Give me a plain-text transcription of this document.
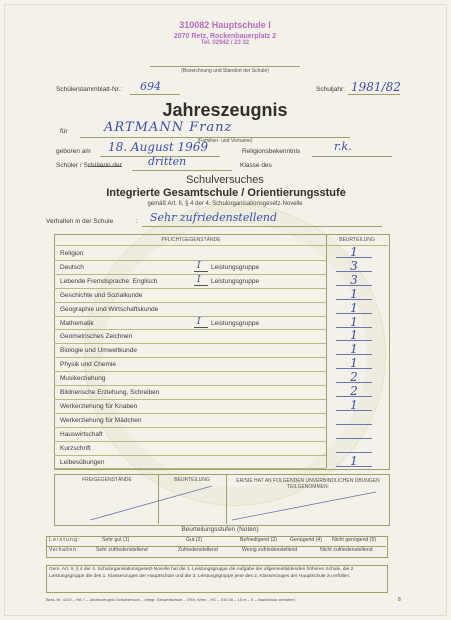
310082 Hauptschule I
2070 Retz, Rockenbauerplatz 2
Tel. 02942 / 23 32
(Bezeichnung und Standort der Schule)
Schülerstammblatt-Nr.: 694	Schuljahr: 1981/82
Jahreszeugnis
für	ARTMANN Franz
(Familien- und Vorname)
geboren am 18. August 1969	Religionsbekenntnis	r.k.
Schüler / Schülerin der dritten	Klasse des
Schulversuches
Integrierte Gesamtschule / Orientierungsstufe
gemäß Art. II, § 4 der 4. Schulorganisationsgesetz-Novelle
Verhalten in der Schule	: Sehr zufriedenstellend
PFLICHTGEGENSTÄNDE	BEURTEILUNG
Religion	1
Deutsch	I Leistungsgruppe	3
Lebende Fremdsprache: Englisch	I Leistungsgruppe	3
Geschichte und Sozialkunde	1
Geographie und Wirtschaftskunde	1
Mathematik	I Leistungsgruppe	1
Geometrisches Zeichnen	1
Biologie und Umweltkunde	1
Physik und Chemie	1
Musikerziehung	2
Bildnerische Erziehung, Schreiben	2
Werkerziehung für Knaben	1
Werkerziehung für Mädchen
Hauswirtschaft
Kurzschrift
Leibesübungen	1
FREIGEGENSTÄNDE	BEURTEILUNG	ER/SIE HAT AN FOLGENDEN UNVERBINDLICHEN ÜBUNGEN TEILGENOMMEN:
Beurteilungsstufen (Noten)
Leistung:	Sehr gut (1)	Gut (2)	Befriedigend (3)	Genügend (4) Nicht genügend (5)
Verhalten:	Sehr zufriedenstellend	Zufriedenstellend	Wenig zufriedenstellend	Nicht zufriedenstellend
Gem. Art. II, § 4 der 4. Schulorganisationsgesetz-Novelle hat die 1. Leistungsgruppe die Aufgabe der allgemeinbildenden höheren Schule, die 2. Leistungsgruppe die des 1. Klassenzuges der Hauptschule und die 3. Leistungsgruppe jene des 2. Klassenzuges der Hauptschule zu erfüllen.
Best.-Nr. 4219 – HA 7 – Jahreszeugnis Schulversuch – Integr. Gesamtschule – ÖSV, Wien – HC – 010.00 – 15 m – E – Nachdruck verboten!	8
